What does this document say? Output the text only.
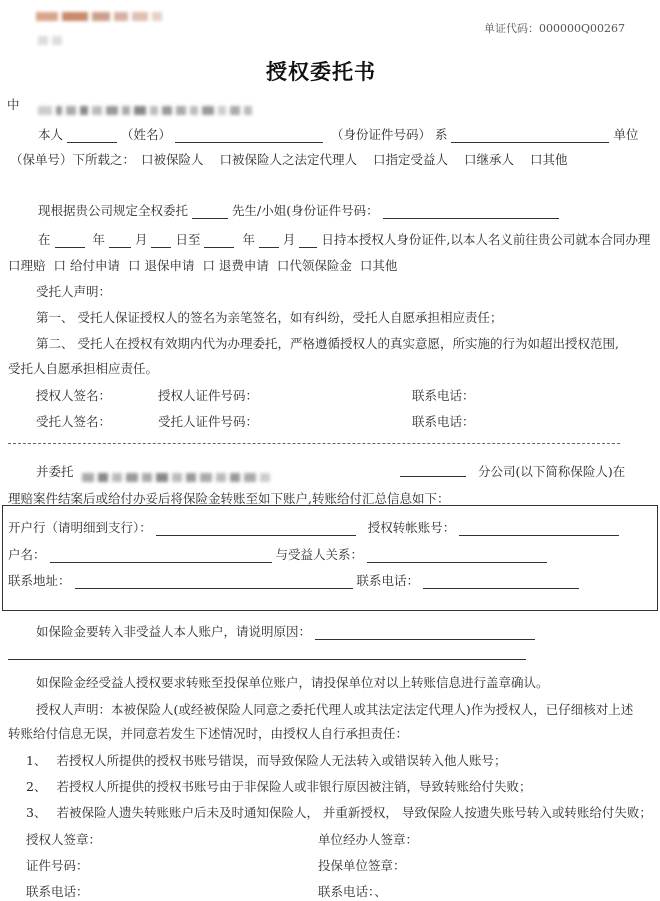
单证代码：000000Q00267
授权委托书
中
本人	（姓名）	（身份证件号码） 系	单位
（保单号）下所载之： 口被保险人 口被保险人之法定代理人 口指定受益人 口继承人 口其他
现根据贵公司规定全权委托	先生/小姐(身份证件号码：
在	年 月 日至	年 月 日持本授权人身份证件,以本人名义前往贵公司就本合同办理
口理赔 口 给付申请 口 退保申请 口 退费申请 口代领保险金 口其他
受托人声明：
第一、 受托人保证授权人的签名为亲笔签名，如有纠纷，受托人自愿承担相应责任；
第二、 受托人在授权有效期内代为办理委托，严格遵循授权人的真实意愿，所实施的行为如超出授权范围,
受托人自愿承担相应责任。
授权人签名：	授权人证件号码：	联系电话：
受托人签名：	受托人证件号码：	联系电话：
并委托	分公司(以下简称保险人)在
理赔案件结案后或给付办妥后将保险金转账至如下账户,转账给付汇总信息如下：
开户行（请明细到支行）：	授权转帐账号：
户名：	与受益人关系：
联系地址：	联系电话：
如保险金要转入非受益人本人账户，请说明原因：
如保险金经受益人授权要求转账至投保单位账户，请投保单位对以上转账信息进行盖章确认。
授权人声明：本被保险人(或经被保险人同意之委托代理人或其法定法定代理人)作为授权人，已仔细核对上述
转账给付信息无误，并同意若发生下述情况时，由授权人自行承担责任：
1、 若授权人所提供的授权书账号错误，而导致保险人无法转入或错误转入他人账号；
2、 若授权人所提供的授权书账号由于非保险人或非银行原因被注销，导致转账给付失败；
3、 若被保险人遗失转账账户后未及时通知保险人， 并重新授权， 导致保险人按遗失账号转入或转账给付失败；
授权人签章：	单位经办人签章：
证件号码：	投保单位签章：
联系电话：	联系电话：、
